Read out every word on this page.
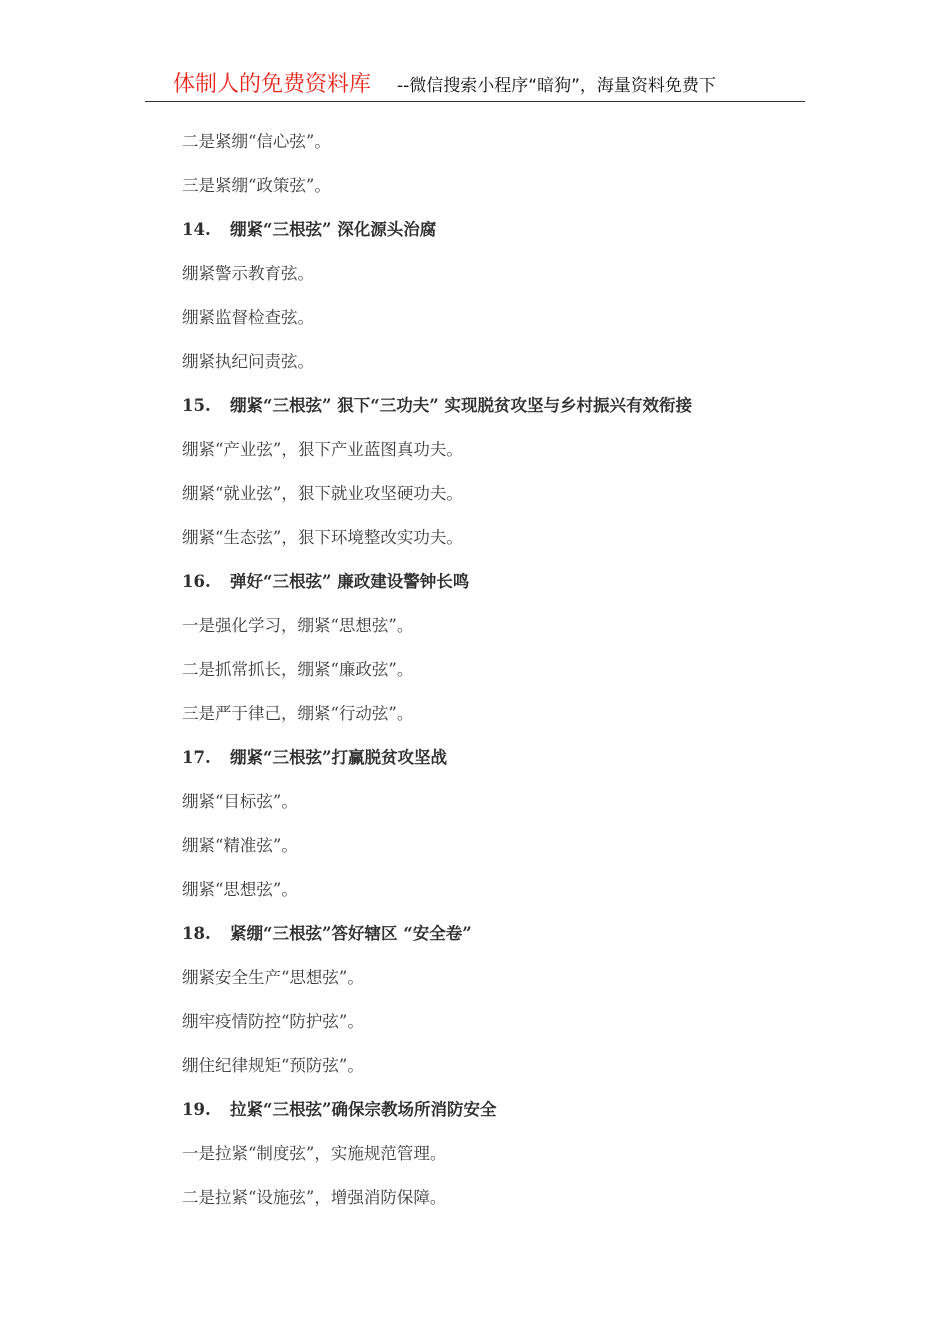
体制人的免费资料库 --微信搜索小程序“暗狗”，海量资料免费下
二是紧绷“信心弦”。
三是紧绷“政策弦”。
14. 绷紧“三根弦” 深化源头治腐
绷紧警示教育弦。
绷紧监督检查弦。
绷紧执纪问责弦。
15. 绷紧“三根弦” 狠下“三功夫” 实现脱贫攻坚与乡村振兴有效衔接
绷紧“产业弦”，狠下产业蓝图真功夫。
绷紧“就业弦”，狠下就业攻坚硬功夫。
绷紧“生态弦”，狠下环境整改实功夫。
16. 弹好“三根弦” 廉政建设警钟长鸣
一是强化学习，绷紧“思想弦”。
二是抓常抓长，绷紧“廉政弦”。
三是严于律己，绷紧“行动弦”。
17. 绷紧“三根弦”打赢脱贫攻坚战
绷紧“目标弦”。
绷紧“精准弦”。
绷紧“思想弦”。
18. 紧绷“三根弦”答好辖区 “安全卷”
绷紧安全生产“思想弦”。
绷牢疫情防控“防护弦”。
绷住纪律规矩“预防弦”。
19. 拉紧“三根弦”确保宗教场所消防安全
一是拉紧“制度弦”，实施规范管理。
二是拉紧“设施弦”，增强消防保障。
